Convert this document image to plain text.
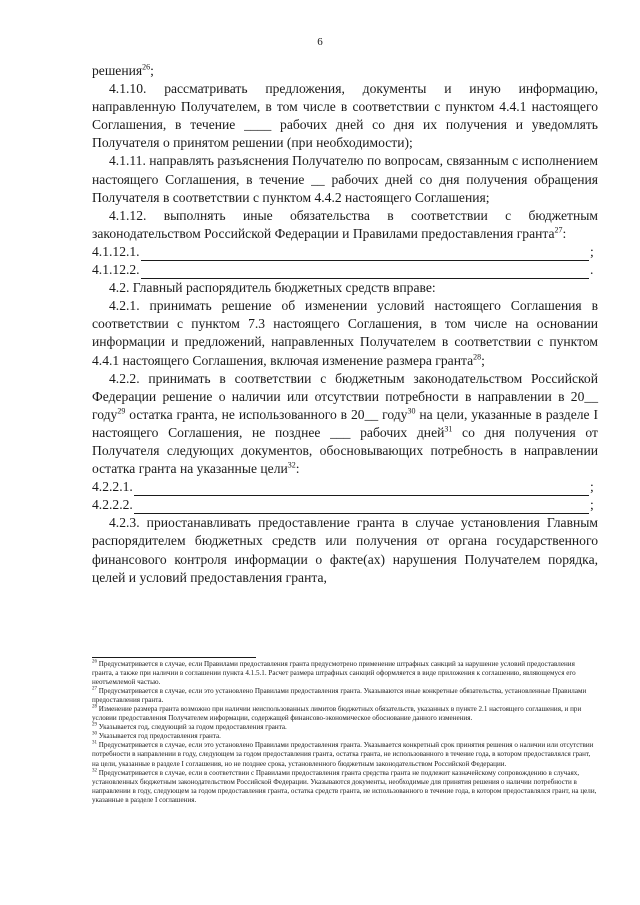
6

решения$^{26}$;

4.1.10. рассматривать предложения, документы и иную информацию, направленную Получателем, в том числе в соответствии с пунктом 4.4.1 настоящего Соглашения, в течение ____ рабочих дней со дня их получения и уведомлять Получателя о принятом решении (при необходимости);

4.1.11. направлять разъяснения Получателю по вопросам, связанным с исполнением настоящего Соглашения, в течение __ рабочих дней со дня получения обращения Получателя в соответствии с пунктом 4.4.2 настоящего Соглашения;

4.1.12. выполнять иные обязательства в соответствии с бюджетным законодательством Российской Федерации и Правилами предоставления гранта$^{27}$:

4.1.12.1.	;
4.1.12.2.	.

4.2. Главный распорядитель бюджетных средств вправе:

4.2.1. принимать решение об изменении условий настоящего Соглашения в соответствии с пунктом 7.3 настоящего Соглашения, в том числе на основании информации и предложений, направленных Получателем в соответствии с пунктом 4.4.1 настоящего Соглашения, включая изменение размера гранта$^{28}$;

4.2.2. принимать в соответствии с бюджетным законодательством Российской Федерации решение о наличии или отсутствии потребности в направлении в 20__ году$^{29}$ остатка гранта, не использованного в 20__ году$^{30}$ на цели, указанные в разделе I настоящего Соглашения, не позднее ___ рабочих дней$^{31}$ со дня получения от Получателя следующих документов, обосновывающих потребность в направлении остатка гранта на указанные цели$^{32}$:

4.2.2.1.	;
4.2.2.2.	;

4.2.3. приостанавливать предоставление гранта в случае установления Главным распорядителем бюджетных средств или получения от органа государственного финансового контроля информации о факте(ах) нарушения Получателем порядка, целей и условий предоставления гранта,

$^{26}$ Предусматривается в случае, если Правилами предоставления гранта предусмотрено применение штрафных санкций за нарушение условий предоставления гранта, а также при наличии в соглашении пункта 4.1.5.1. Расчет размера штрафных санкций оформляется в виде приложения к соглашению, являющемуся его неотъемлемой частью.

$^{27}$ Предусматривается в случае, если это установлено Правилами предоставления гранта. Указываются иные конкретные обязательства, установленные Правилами предоставления гранта.

$^{28}$ Изменение размера гранта возможно при наличии неиспользованных лимитов бюджетных обязательств, указанных в пункте 2.1 настоящего соглашения, и при условии предоставления Получателем информации, содержащей финансово-экономическое обоснование данного изменения.

$^{29}$ Указывается год, следующий за годом предоставления гранта.

$^{30}$ Указывается год предоставления гранта.

$^{31}$ Предусматривается в случае, если это установлено Правилами предоставления гранта. Указывается конкретный срок принятия решения о наличии или отсутствии потребности в направлении в году, следующем за годом предоставления гранта, остатка гранта, не использованного в течение года, в котором предоставлялся грант, на цели, указанные в разделе I соглашения, но не позднее срока, установленного бюджетным законодательством Российской Федерации.

$^{32}$ Предусматривается в случае, если в соответствии с Правилами предоставления гранта средства гранта не подлежит казначейскому сопровождению в случаях, установленных бюджетным законодательством Российской Федерации. Указываются документы, необходимые для принятия решения о наличии потребности в направлении в году, следующем за годом предоставления гранта, остатка средств гранта, не использованного в течение года, в котором предоставлялся грант, на цели, указанные в разделе I соглашения.
